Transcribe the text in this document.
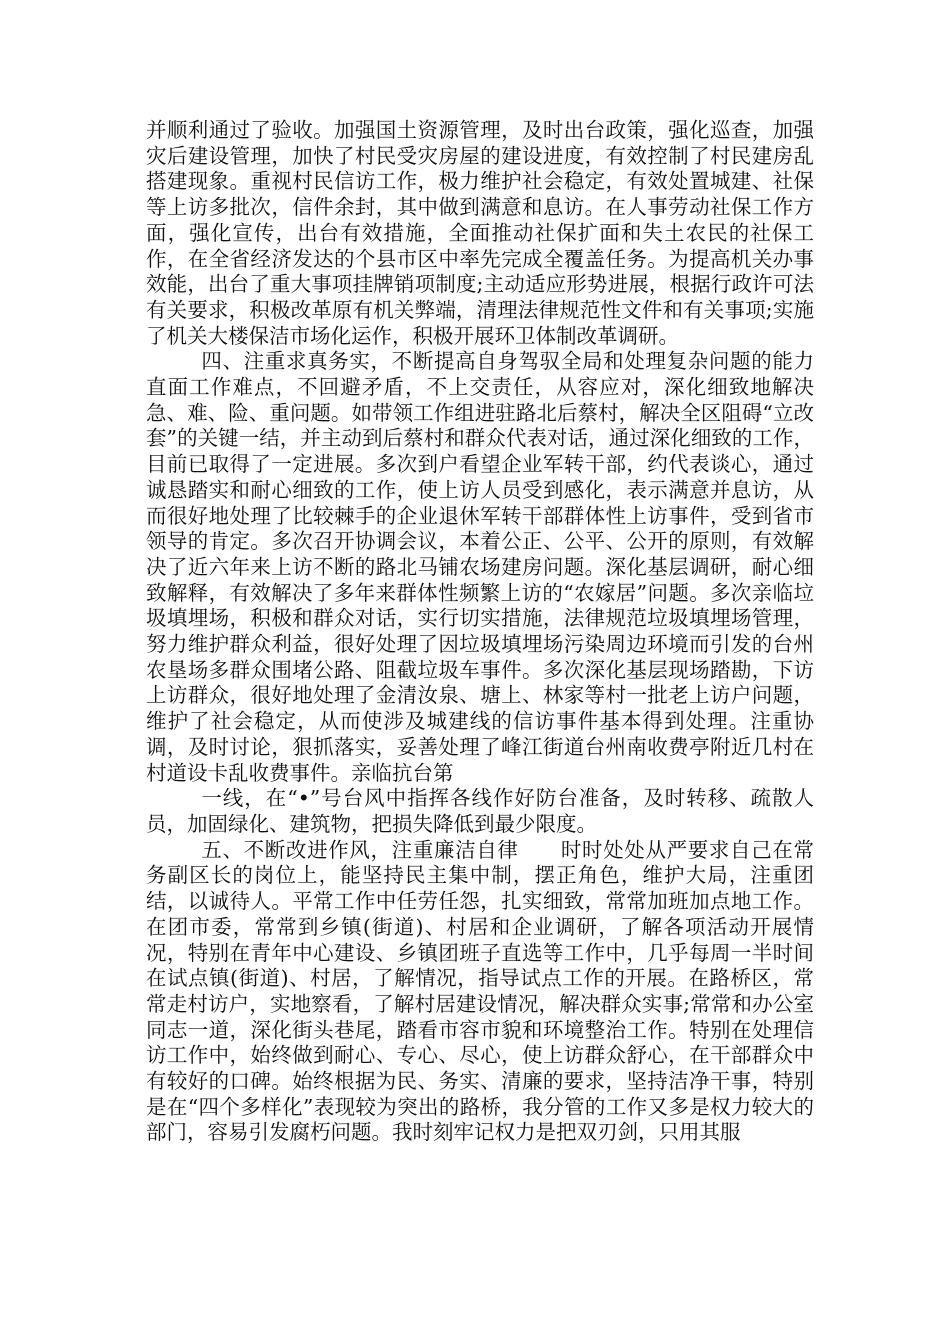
并顺利通过了验收。加强国土资源管理，及时出台政策，强化巡查，加强灾后建设管理，加快了村民受灾房屋的建设进度，有效控制了村民建房乱搭建现象。重视村民信访工作，极力维护社会稳定，有效处置城建、社保等上访多批次，信件余封，其中做到满意和息访。在人事劳动社保工作方面，强化宣传，出台有效措施，全面推动社保扩面和失土农民的社保工作，在全省经济发达的个县市区中率先完成全覆盖任务。为提高机关办事效能，出台了重大事项挂牌销项制度;主动适应形势进展，根据行政许可法有关要求，积极改革原有机关弊端，清理法律规范性文件和有关事项;实施了机关大楼保洁市场化运作，积极开展环卫体制改革调研。

四、注重求真务实，不断提高自身驾驭全局和处理复杂问题的能力　　直面工作难点，不回避矛盾，不上交责任，从容应对，深化细致地解决急、难、险、重问题。如带领工作组进驻路北后蔡村，解决全区阻碍“立改套”的关键一结，并主动到后蔡村和群众代表对话，通过深化细致的工作，目前已取得了一定进展。多次到户看望企业军转干部，约代表谈心，通过诚恳踏实和耐心细致的工作，使上访人员受到感化，表示满意并息访，从而很好地处理了比较棘手的企业退休军转干部群体性上访事件，受到省市领导的肯定。多次召开协调会议，本着公正、公平、公开的原则，有效解决了近六年来上访不断的路北马铺农场建房问题。深化基层调研，耐心细致解释，有效解决了多年来群体性频繁上访的“农嫁居”问题。多次亲临垃圾填埋场，积极和群众对话，实行切实措施，法律规范垃圾填埋场管理，努力维护群众利益，很好处理了因垃圾填埋场污染周边环境而引发的台州农垦场多群众围堵公路、阻截垃圾车事件。多次深化基层现场踏勘，下访上访群众，很好地处理了金清汝泉、塘上、林家等村一批老上访户问题，维护了社会稳定，从而使涉及城建线的信访事件基本得到处理。注重协调，及时讨论，狠抓落实，妥善处理了峰江街道台州南收费亭附近几村在村道设卡乱收费事件。亲临抗台第

一线，在“•”号台风中指挥各线作好防台准备，及时转移、疏散人员，加固绿化、建筑物，把损失降低到最少限度。

五、不断改进作风，注重廉洁自律　　时时处处从严要求自己在常务副区长的岗位上，能坚持民主集中制，摆正角色，维护大局，注重团结，以诚待人。平常工作中任劳任怨，扎实细致，常常加班加点地工作。在团市委，常常到乡镇(街道)、村居和企业调研，了解各项活动开展情况，特别在青年中心建设、乡镇团班子直选等工作中，几乎每周一半时间在试点镇(街道)、村居，了解情况，指导试点工作的开展。在路桥区，常常走村访户，实地察看，了解村居建设情况，解决群众实事;常常和办公室同志一道，深化街头巷尾，踏看市容市貌和环境整治工作。特别在处理信访工作中，始终做到耐心、专心、尽心，使上访群众舒心，在干部群众中有较好的口碑。始终根据为民、务实、清廉的要求，坚持洁净干事，特别是在“四个多样化”表现较为突出的路桥，我分管的工作又多是权力较大的部门，容易引发腐朽问题。我时刻牢记权力是把双刃剑，只用其服
